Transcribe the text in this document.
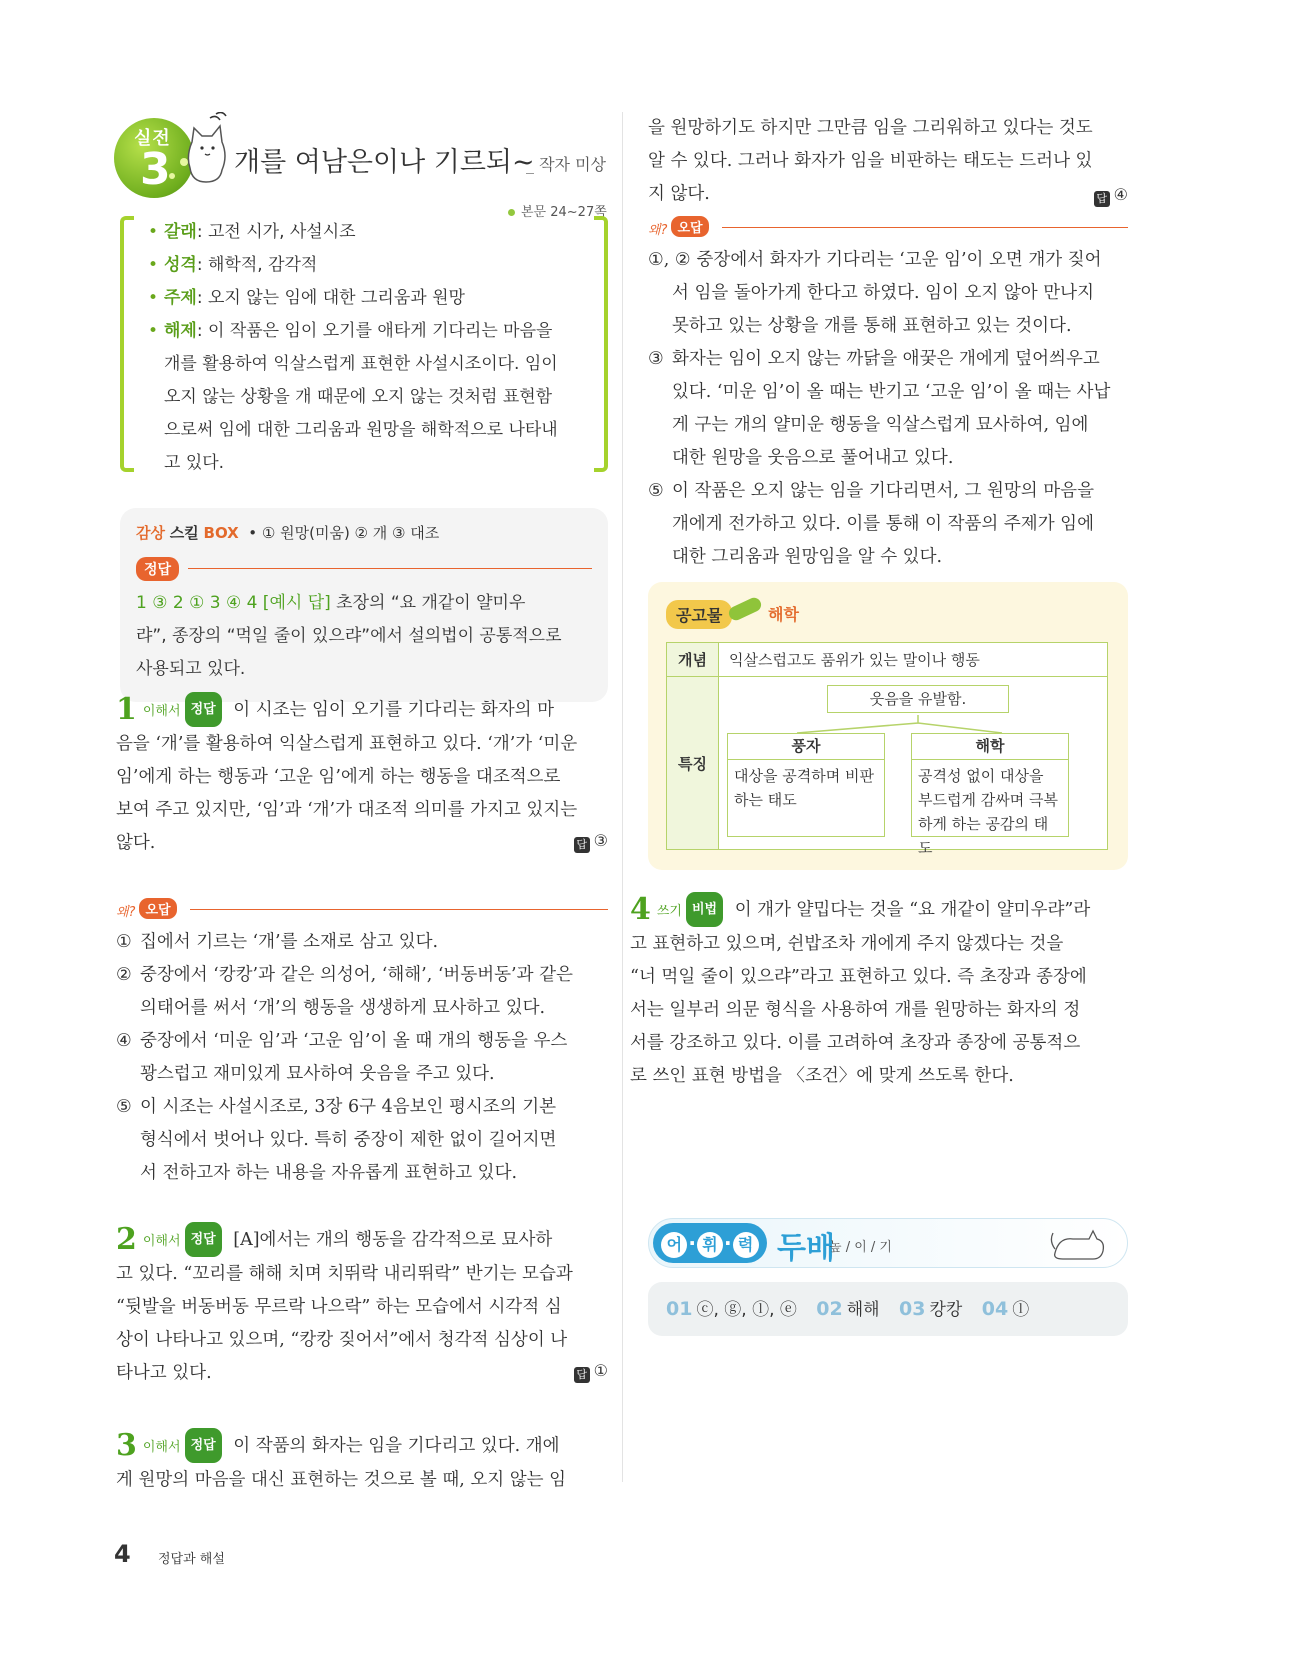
실전
3 개를 여남은이나 기르되~
_ 작자 미상
본문 24~27쪽
• 갈래: 고전 시가, 사설시조
• 성격: 해학적, 감각적
• 주제: 오지 않는 임에 대한 그리움과 원망
• 해제: 이 작품은 임이 오기를 애타게 기다리는 마음을
개를 활용하여 익살스럽게 표현한 사설시조이다. 임이
오지 않는 상황을 개 때문에 오지 않는 것처럼 표현함
으로써 임에 대한 그리움과 원망을 해학적으로 나타내
고 있다.
감상 스킬 BOX • ① 원망(미움) ② 개 ③ 대조
정답
1 ③ 2 ① 3 ④ 4 [예시 답] 초장의 “요 개같이 얄미우
랴”, 종장의 “먹일 줄이 있으랴”에서 설의법이 공통적으로
사용되고 있다.
1 이해서 정답 이 시조는 임이 오기를 기다리는 화자의 마
음을 ‘개’를 활용하여 익살스럽게 표현하고 있다. ‘개’가 ‘미운
임’에게 하는 행동과 ‘고운 임’에게 하는 행동을 대조적으로
보여 주고 있지만, ‘임’과 ‘개’가 대조적 의미를 가지고 있지는
않다.	답 ③
왜? 오답
① 집에서 기르는 ‘개’를 소재로 삼고 있다.
② 중장에서 ‘캉캉’과 같은 의성어, ‘해해’, ‘버동버동’과 같은
의태어를 써서 ‘개’의 행동을 생생하게 묘사하고 있다.
④ 중장에서 ‘미운 임’과 ‘고운 임’이 올 때 개의 행동을 우스
꽝스럽고 재미있게 묘사하여 웃음을 주고 있다.
⑤ 이 시조는 사설시조로, 3장 6구 4음보인 평시조의 기본
형식에서 벗어나 있다. 특히 중장이 제한 없이 길어지면
서 전하고자 하는 내용을 자유롭게 표현하고 있다.
2 이해서 정답 [A]에서는 개의 행동을 감각적으로 묘사하
고 있다. “꼬리를 해해 치며 치뛰락 내리뛰락” 반기는 모습과
“뒷발을 버동버동 무르락 나으락” 하는 모습에서 시각적 심
상이 나타나고 있으며, “캉캉 짖어서”에서 청각적 심상이 나
타나고 있다.	답 ①
3 이해서 정답 이 작품의 화자는 임을 기다리고 있다. 개에
게 원망의 마음을 대신 표현하는 것으로 볼 때, 오지 않는 임
을 원망하기도 하지만 그만큼 임을 그리워하고 있다는 것도
알 수 있다. 그러나 화자가 임을 비판하는 태도는 드러나 있
지 않다.	답 ④
왜? 오답
①, ② 중장에서 화자가 기다리는 ‘고운 임’이 오면 개가 짖어
서 임을 돌아가게 한다고 하였다. 임이 오지 않아 만나지
못하고 있는 상황을 개를 통해 표현하고 있는 것이다.
③ 화자는 임이 오지 않는 까닭을 애꿎은 개에게 덮어씌우고
있다. ‘미운 임’이 올 때는 반기고 ‘고운 임’이 올 때는 사납
게 구는 개의 얄미운 행동을 익살스럽게 묘사하여, 임에
대한 원망을 웃음으로 풀어내고 있다.
⑤ 이 작품은 오지 않는 임을 기다리면서, 그 원망의 마음을
개에게 전가하고 있다. 이를 통해 이 작품의 주제가 임에
대한 그리움과 원망임을 알 수 있다.
공고물	해학
개념	익살스럽고도 품위가 있는 말이나 행동
특징
웃음을 유발함.
풍자
대상을 공격하며 비판하는 태도
해학
공격성 없이 대상을 부드럽게 감싸며 극복하게 하는 공감의 태도
4 쓰기 비법 이 개가 얄밉다는 것을 “요 개같이 얄미우랴”라
고 표현하고 있으며, 쉰밥조차 개에게 주지 않겠다는 것을
“너 먹일 줄이 있으랴”라고 표현하고 있다. 즉 초장과 종장에
서는 일부러 의문 형식을 사용하여 개를 원망하는 화자의 정
서를 강조하고 있다. 이를 고려하여 초장과 종장에 공통적으
로 쓰인 표현 방법을 〈조건〉에 맞게 쓰도록 한다.
어 · 휘 · 력 두배
높 / 이 / 기
01 ⓒ, ⓖ, ⓛ, ⓔ 02 해해 03 캉캉 04 ⓛ
4 정답과 해설
